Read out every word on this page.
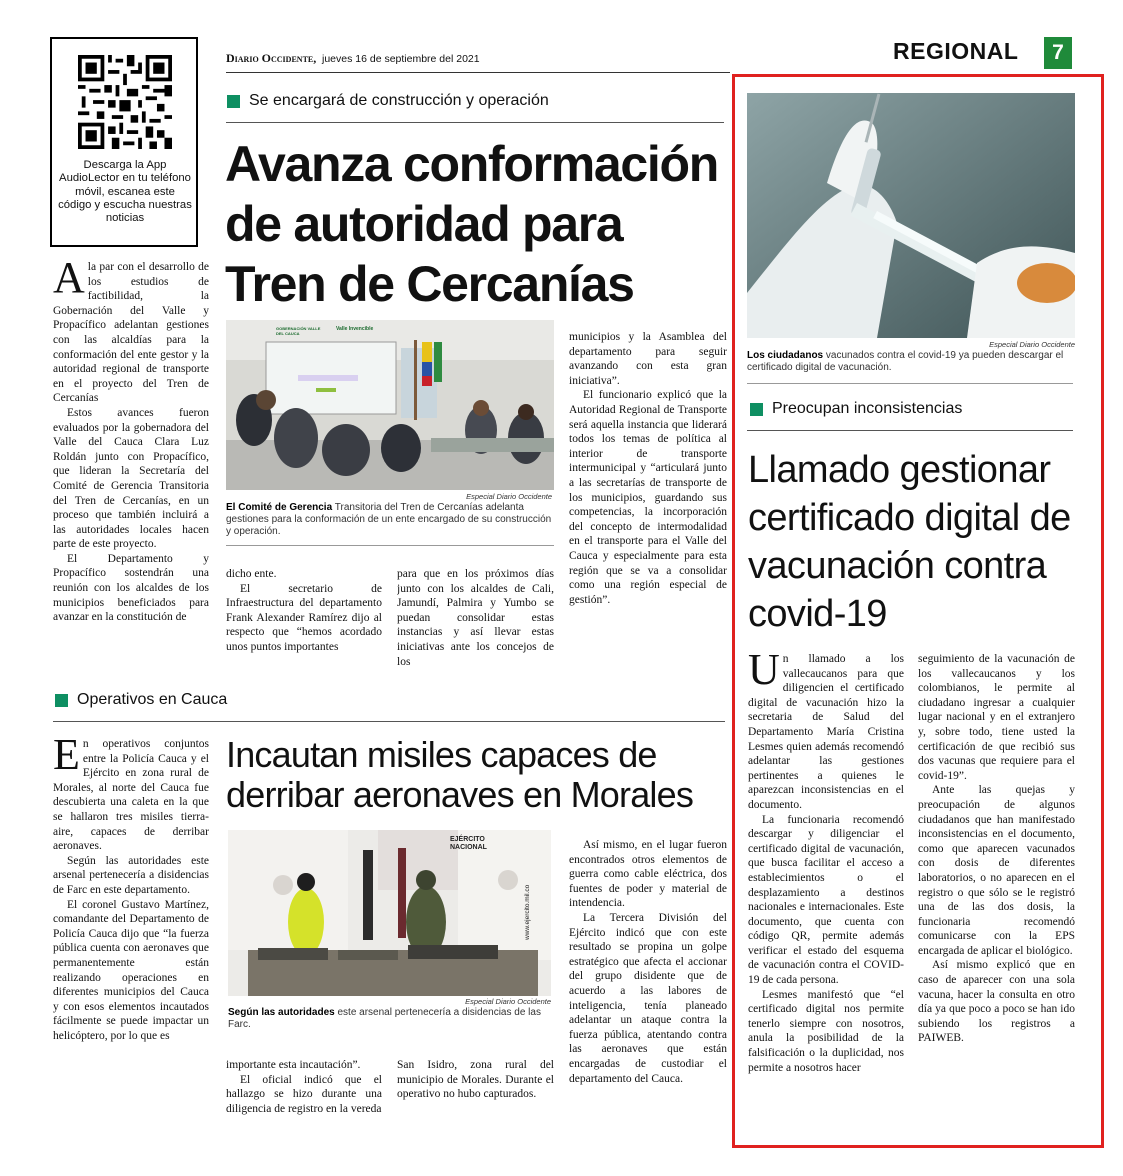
Descarga la App AudioLector en tu teléfono móvil, escanea este código y escucha nuestras noticias
Diario Occidente, jueves 16 de septiembre del 2021	REGIONAL	7
Se encargará de construcción y operación
Avanza conformación de autoridad para Tren de Cercanías

Ala par con el desarrollo de los estudios de factibilidad, la Gobernación del Valle y Propacífico adelantan gestiones con las alcaldías para la conformación del ente gestor y la autoridad regional de transporte en el proyecto del Tren de Cercanías

Estos avances fueron evaluados por la gobernadora del Valle del Cauca Clara Luz Roldán junto con Propacífico, que lideran la Secretaría del Comité de Gerencia Transitoria del Tren de Cercanías, en un proceso que también incluirá a las autoridades locales hacen parte de este proyecto.

El Departamento y Propacífico sostendrán una reunión con los alcaldes de los municipios beneficiados para avanzar en la constitución de

GOBERNACIÓN VALLE DEL CAUCA
Valle Invencible
Especial Diario Occidente
El Comité de Gerencia Transitoria del Tren de Cercanías adelanta gestiones para la conformación de un ente encargado de su construcción y operación.

dicho ente.

El secretario de Infraestructura del departamento Frank Alexander Ramírez dijo al respecto que “hemos acordado unos puntos importantes

para que en los próximos días junto con los alcaldes de Cali, Jamundí, Palmira y Yumbo se puedan consolidar estas instancias y así llevar estas iniciativas ante los concejos de los

municipios y la Asamblea del departamento para seguir avanzando con esta gran iniciativa”.

El funcionario explicó que la Autoridad Regional de Transporte será aquella instancia que liderará todos los temas de política al interior de transporte intermunicipal y “articulará junto a las secretarías de transporte de los municipios, guardando sus competencias, la incorporación del concepto de intermodalidad en el transporte para el Valle del Cauca y especialmente para esta región que se va a consolidar como una región especial de gestión”.

Operativos en Cauca

En operativos conjuntos entre la Policía Cauca y el Ejército en zona rural de Morales, al norte del Cauca fue descubierta una caleta en la que se hallaron tres misiles tierra- aire, capaces de derribar aeronaves.

Según las autoridades este arsenal pertenecería a disidencias de Farc en este departamento.

El coronel Gustavo Martínez, comandante del Departamento de Policía Cauca dijo que “la fuerza pública cuenta con aeronaves que permanentemente están realizando operaciones en diferentes municipios del Cauca y con esos elementos incautados fácilmente se puede impactar un helicóptero, por lo que es

Incautan misiles capaces de derribar aeronaves en Morales
EJÉRCITO NACIONAL
www.ejercito.mil.co
Especial Diario Occidente
Según las autoridades este arsenal pertenecería a disidencias de las Farc.

importante esta incautación”.

El oficial indicó que el hallazgo se hizo durante una diligencia de registro en la vereda

San Isidro, zona rural del municipio de Morales. Durante el operativo no hubo capturados.

Así mismo, en el lugar fueron encontrados otros elementos de guerra como cable eléctrica, dos fuentes de poder y material de intendencia.

La Tercera División del Ejército indicó que con este resultado se propina un golpe estratégico que afecta el accionar del grupo disidente que de acuerdo a las labores de inteligencia, tenía planeado adelantar un ataque contra la fuerza pública, atentando contra las aeronaves que están encargadas de custodiar el departamento del Cauca.

Especial Diario Occidente
Los ciudadanos vacunados contra el covid-19 ya pueden descargar el certificado digital de vacunación.
Preocupan inconsistencias
Llamado gestionar certificado digital de vacunación contra covid-19

Un llamado a los vallecaucanos para que diligencien el certificado digital de vacunación hizo la secretaria de Salud del Departamento María Cristina Lesmes quien además recomendó adelantar las gestiones pertinentes a quienes le aparezcan inconsistencias en el documento.

La funcionaria recomendó descargar y diligenciar el certificado digital de vacunación, que busca facilitar el acceso a establecimientos o el desplazamiento a destinos nacionales e internacionales. Este documento, que cuenta con código QR, permite además verificar el estado del esquema de vacunación contra el COVID-19 de cada persona.

Lesmes manifestó que “el certificado digital nos permite tenerlo siempre con nosotros, anula la posibilidad de la falsificación o la duplicidad, nos permite a nosotros hacer

seguimiento de la vacunación de los vallecaucanos y los colombianos, le permite al ciudadano ingresar a cualquier lugar nacional y en el extranjero y, sobre todo, tiene usted la certificación de que recibió sus dos vacunas que requiere para el covid-19”.

Ante las quejas y preocupación de algunos ciudadanos que han manifestado inconsistencias en el documento, como que aparecen vacunados con dosis de diferentes laboratorios, o no aparecen en el registro o que sólo se le registró una de las dos dosis, la funcionaria recomendó comunicarse con la EPS encargada de aplicar el biológico.

Así mismo explicó que en caso de aparecer con una sola vacuna, hacer la consulta en otro día ya que poco a poco se han ido subiendo los registros a PAIWEB.
